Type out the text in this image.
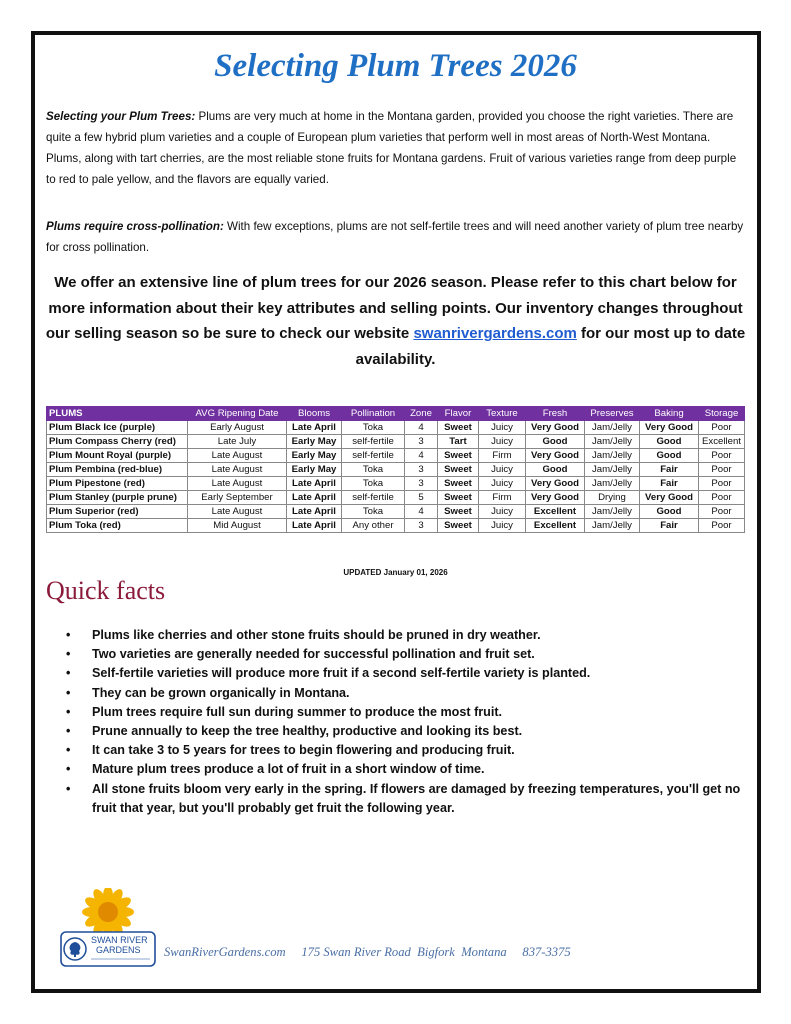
Selecting Plum Trees 2026
Selecting your Plum Trees: Plums are very much at home in the Montana garden, provided you choose the right varieties. There are quite a few hybrid plum varieties and a couple of European plum varieties that perform well in most areas of North-West Montana. Plums, along with tart cherries, are the most reliable stone fruits for Montana gardens. Fruit of various varieties range from deep purple to red to pale yellow, and the flavors are equally varied.
Plums require cross-pollination: With few exceptions, plums are not self-fertile trees and will need another variety of plum tree nearby for cross pollination.
We offer an extensive line of plum trees for our 2026 season. Please refer to this chart below for more information about their key attributes and selling points. Our inventory changes throughout our selling season so be sure to check our website swanrivergardens.com for our most up to date availability.
PLUMS	AVG Ripening Date	Blooms	Pollination	Zone	Flavor	Texture	Fresh	Preserves	Baking	Storage
Plum Black Ice (purple)	Early August	Late April	Toka	4	Sweet	Juicy	Very Good	Jam/Jelly	Very Good	Poor
Plum Compass Cherry (red)	Late July	Early May	self-fertile	3	Tart	Juicy	Good	Jam/Jelly	Good	Excellent
Plum Mount Royal (purple)	Late August	Early May	self-fertile	4	Sweet	Firm	Very Good	Jam/Jelly	Good	Poor
Plum Pembina (red-blue)	Late August	Early May	Toka	3	Sweet	Juicy	Good	Jam/Jelly	Fair	Poor
Plum Pipestone (red)	Late August	Late April	Toka	3	Sweet	Juicy	Very Good	Jam/Jelly	Fair	Poor
Plum Stanley (purple prune)	Early September	Late April	self-fertile	5	Sweet	Firm	Very Good	Drying	Very Good	Poor
Plum Superior (red)	Late August	Late April	Toka	4	Sweet	Juicy	Excellent	Jam/Jelly	Good	Poor
Plum Toka (red)	Mid August	Late April	Any other	3	Sweet	Juicy	Excellent	Jam/Jelly	Fair	Poor
UPDATED January 01, 2026
Quick facts
• Plums like cherries and other stone fruits should be pruned in dry weather.
• Two varieties are generally needed for successful pollination and fruit set.
• Self-fertile varieties will produce more fruit if a second self-fertile variety is planted.
• They can be grown organically in Montana.
• Plum trees require full sun during summer to produce the most fruit.
• Prune annually to keep the tree healthy, productive and looking its best.
• It can take 3 to 5 years for trees to begin flowering and producing fruit.
• Mature plum trees produce a lot of fruit in a short window of time.
• All stone fruits bloom very early in the spring. If flowers are damaged by freezing temperatures, you'll get no fruit that year, but you'll probably get fruit the following year.
SWAN RIVER
GARDENS SwanRiverGardens.com     175 Swan River Road  Bigfork  Montana     837-3375
